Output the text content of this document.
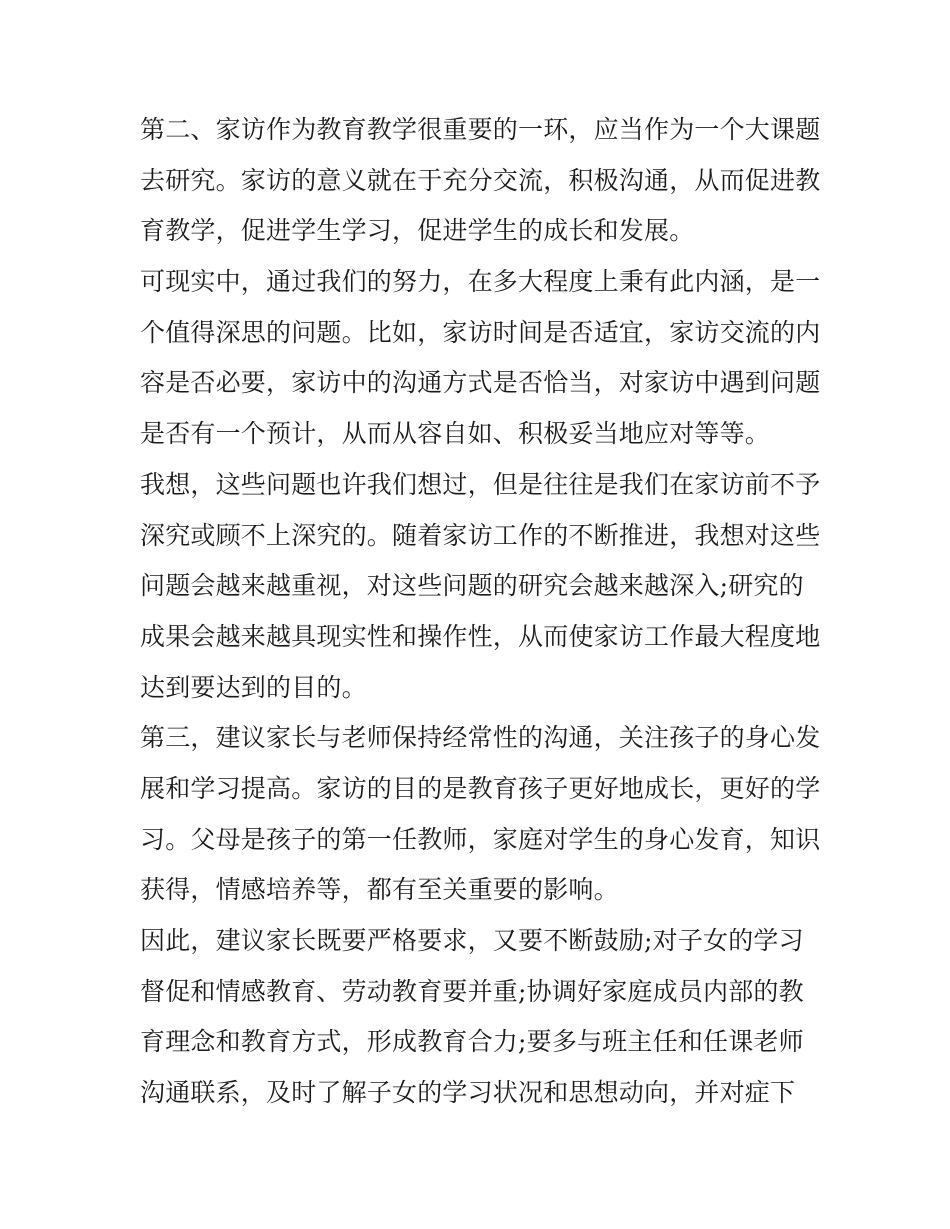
第二、家访作为教育教学很重要的一环，应当作为一个大课题
去研究。家访的意义就在于充分交流，积极沟通，从而促进教
育教学，促进学生学习，促进学生的成长和发展。
可现实中，通过我们的努力，在多大程度上秉有此内涵，是一
个值得深思的问题。比如，家访时间是否适宜，家访交流的内
容是否必要，家访中的沟通方式是否恰当，对家访中遇到问题
是否有一个预计，从而从容自如、积极妥当地应对等等。
我想，这些问题也许我们想过，但是往往是我们在家访前不予
深究或顾不上深究的。随着家访工作的不断推进，我想对这些
问题会越来越重视，对这些问题的研究会越来越深入;研究的
成果会越来越具现实性和操作性，从而使家访工作最大程度地
达到要达到的目的。
第三，建议家长与老师保持经常性的沟通，关注孩子的身心发
展和学习提高。家访的目的是教育孩子更好地成长，更好的学
习。父母是孩子的第一任教师，家庭对学生的身心发育，知识
获得，情感培养等，都有至关重要的影响。
因此，建议家长既要严格要求，又要不断鼓励;对子女的学习
督促和情感教育、劳动教育要并重;协调好家庭成员内部的教
育理念和教育方式，形成教育合力;要多与班主任和任课老师
沟通联系，及时了解子女的学习状况和思想动向，并对症下
